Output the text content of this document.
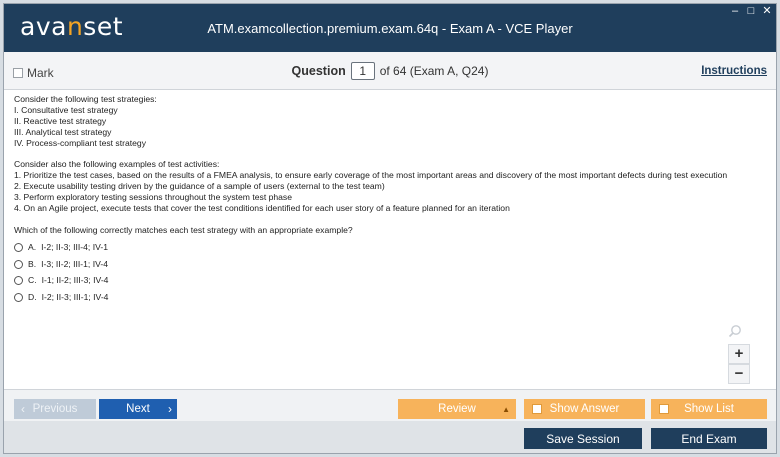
avanset	ATM.examcollection.premium.exam.64q - Exam A - VCE Player
– □ ✕
Mark	Question	1	of 64 (Exam A, Q24)	Instructions
Consider the following test strategies:
I. Consultative test strategy
II. Reactive test strategy
III. Analytical test strategy
IV. Process-compliant test strategy
Consider also the following examples of test activities:
1. Prioritize the test cases, based on the results of a FMEA analysis, to ensure early coverage of the most important areas and discovery of the most important defects during test execution
2. Execute usability testing driven by the guidance of a sample of users (external to the test team)
3. Perform exploratory testing sessions throughout the system test phase
4. On an Agile project, execute tests that cover the test conditions identified for each user story of a feature planned for an iteration
Which of the following correctly matches each test strategy with an appropriate example?
A. I-2; II-3; III-4; IV-1
B. I-3; II-2; III-1; IV-4
C. I-1; II-2; III-3; IV-4
D. I-2; II-3; III-1; IV-4
+
−
‹ Previous	Next ›	Review	▲	Show Answer	Show List
Save Session	End Exam
